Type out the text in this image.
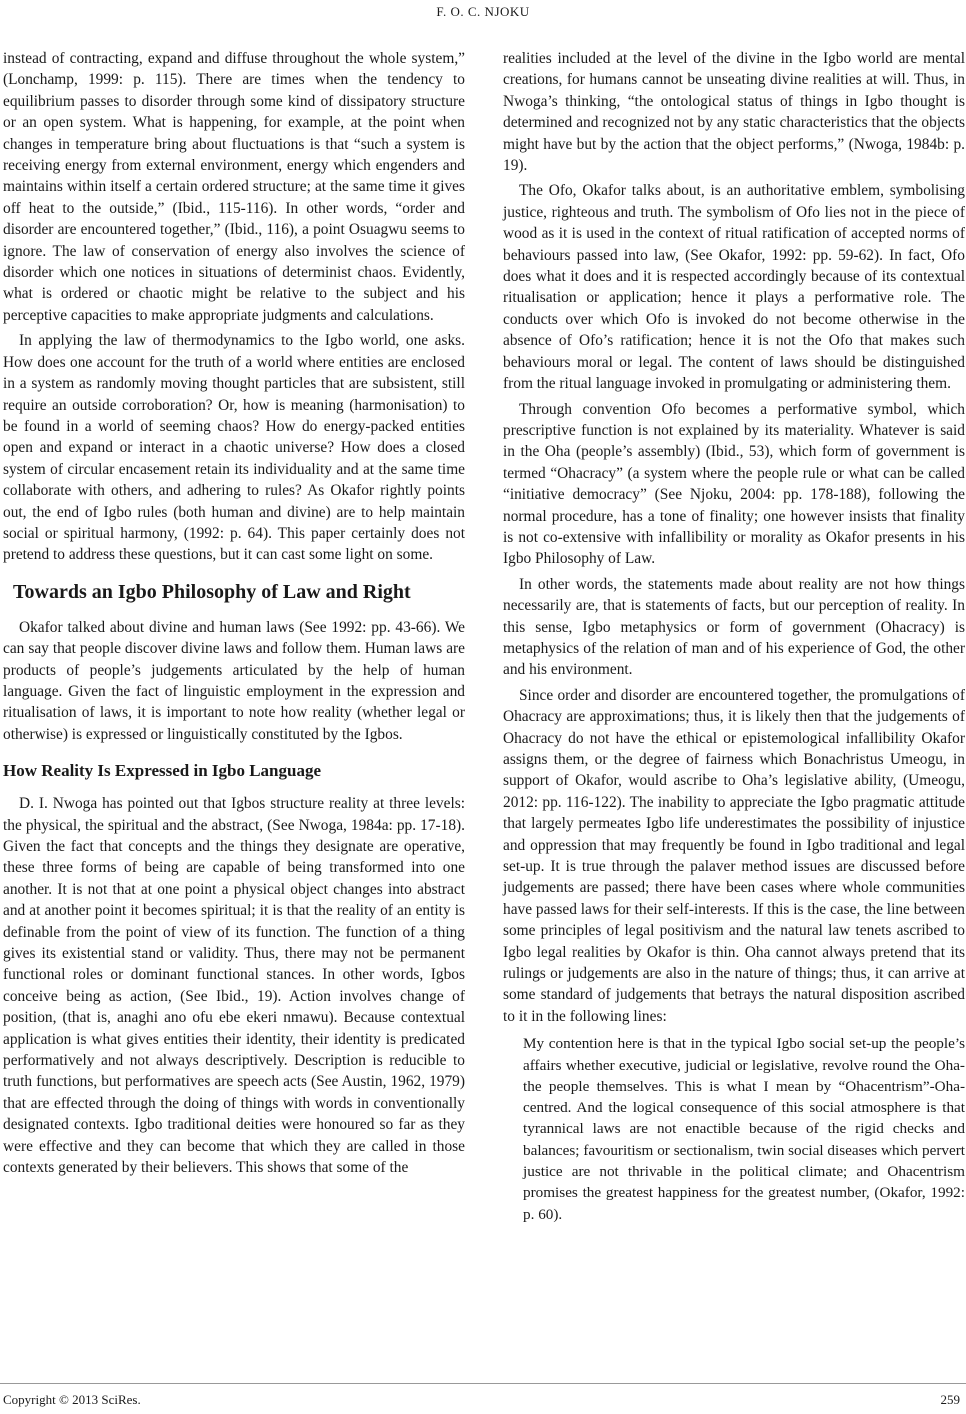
F. O. C. NJOKU

instead of contracting, expand and diffuse throughout the whole system,” (Lonchamp, 1999: p. 115). There are times when the tendency to equilibrium passes to disorder through some kind of dissipatory structure or an open system. What is happening, for example, at the point when changes in temperature bring about fluctuations is that “such a system is receiving energy from external environment, energy which engenders and maintains within itself a certain ordered structure; at the same time it gives off heat to the outside,” (Ibid., 115-116). In other words, “order and disorder are encountered together,” (Ibid., 116), a point Osuagwu seems to ignore. The law of conservation of energy also involves the science of disorder which one notices in situations of determinist chaos. Evidently, what is ordered or chaotic might be relative to the subject and his perceptive capacities to make appropriate judgments and calculations.

In applying the law of thermodynamics to the Igbo world, one asks. How does one account for the truth of a world where entities are enclosed in a system as randomly moving thought particles that are subsistent, still require an outside corroboration? Or, how is meaning (harmonisation) to be found in a world of seeming chaos? How do energy-packed entities open and expand or interact in a chaotic universe? How does a closed system of circular encasement retain its individuality and at the same time collaborate with others, and adhering to rules? As Okafor rightly points out, the end of Igbo rules (both human and divine) are to help maintain social or spiritual harmony, (1992: p. 64). This paper certainly does not pretend to address these questions, but it can cast some light on some.

Towards an Igbo Philosophy of Law and Right

Okafor talked about divine and human laws (See 1992: pp. 43-66). We can say that people discover divine laws and follow them. Human laws are products of people’s judgements articulated by the help of human language. Given the fact of linguistic employment in the expression and ritualisation of laws, it is important to note how reality (whether legal or otherwise) is expressed or linguistically constituted by the Igbos.

How Reality Is Expressed in Igbo Language

D. I. Nwoga has pointed out that Igbos structure reality at three levels: the physical, the spiritual and the abstract, (See Nwoga, 1984a: pp. 17-18). Given the fact that concepts and the things they designate are operative, these three forms of being are capable of being transformed into one another. It is not that at one point a physical object changes into abstract and at another point it becomes spiritual; it is that the reality of an entity is definable from the point of view of its function. The function of a thing gives its existential stand or validity. Thus, there may not be permanent functional roles or dominant functional stances. In other words, Igbos conceive being as action, (See Ibid., 19). Action involves change of position, (that is, anaghi ano ofu ebe ekeri nmawu). Because contextual application is what gives entities their identity, their identity is predicated performatively and not always descriptively. Description is reducible to truth functions, but performatives are speech acts (See Austin, 1962, 1979) that are effected through the doing of things with words in conventionally designated contexts. Igbo traditional deities were honoured so far as they were effective and they can become that which they are called in those contexts generated by their believers. This shows that some of the

realities included at the level of the divine in the Igbo world are mental creations, for humans cannot be unseating divine realities at will. Thus, in Nwoga’s thinking, “the ontological status of things in Igbo thought is determined and recognized not by any static characteristics that the objects might have but by the action that the object performs,” (Nwoga, 1984b: p. 19).

The Ofo, Okafor talks about, is an authoritative emblem, symbolising justice, righteous and truth. The symbolism of Ofo lies not in the piece of wood as it is used in the context of ritual ratification of accepted norms of behaviours passed into law, (See Okafor, 1992: pp. 59-62). In fact, Ofo does what it does and it is respected accordingly because of its contextual ritualisation or application; hence it plays a performative role. The conducts over which Ofo is invoked do not become otherwise in the absence of Ofo’s ratification; hence it is not the Ofo that makes such behaviours moral or legal. The content of laws should be distinguished from the ritual language invoked in promulgating or administering them.

Through convention Ofo becomes a performative symbol, which prescriptive function is not explained by its materiality. Whatever is said in the Oha (people’s assembly) (Ibid., 53), which form of government is termed “Ohacracy” (a system where the people rule or what can be called “initiative democracy” (See Njoku, 2004: pp. 178-188), following the normal procedure, has a tone of finality; one however insists that finality is not co-extensive with infallibility or morality as Okafor presents in his Igbo Philosophy of Law.

In other words, the statements made about reality are not how things necessarily are, that is statements of facts, but our perception of reality. In this sense, Igbo metaphysics or form of government (Ohacracy) is metaphysics of the relation of man and of his experience of God, the other and his environment.

Since order and disorder are encountered together, the promulgations of Ohacracy are approximations; thus, it is likely then that the judgements of Ohacracy do not have the ethical or epistemological infallibility Okafor assigns them, or the degree of fairness which Bonachristus Umeogu, in support of Okafor, would ascribe to Oha’s legislative ability, (Umeogu, 2012: pp. 116-122). The inability to appreciate the Igbo pragmatic attitude that largely permeates Igbo life underestimates the possibility of injustice and oppression that may frequently be found in Igbo traditional and legal set-up. It is true through the palaver method issues are discussed before judgements are passed; there have been cases where whole communities have passed laws for their self-interests. If this is the case, the line between some principles of legal positivism and the natural law tenets ascribed to Igbo legal realities by Okafor is thin. Oha cannot always pretend that its rulings or judgements are also in the nature of things; thus, it can arrive at some standard of judgements that betrays the natural disposition ascribed to it in the following lines:

My contention here is that in the typical Igbo social set-up the people’s affairs whether executive, judicial or legislative, revolve round the Oha-the people themselves. This is what I mean by “Ohacentrism”-Oha-centred. And the logical consequence of this social atmosphere is that tyrannical laws are not enactible because of the rigid checks and balances; favouritism or sectionalism, twin social diseases which pervert justice are not thrivable in the political climate; and Ohacentrism promises the greatest happiness for the greatest number, (Okafor, 1992: p. 60).
Copyright © 2013 SciRes.	259
